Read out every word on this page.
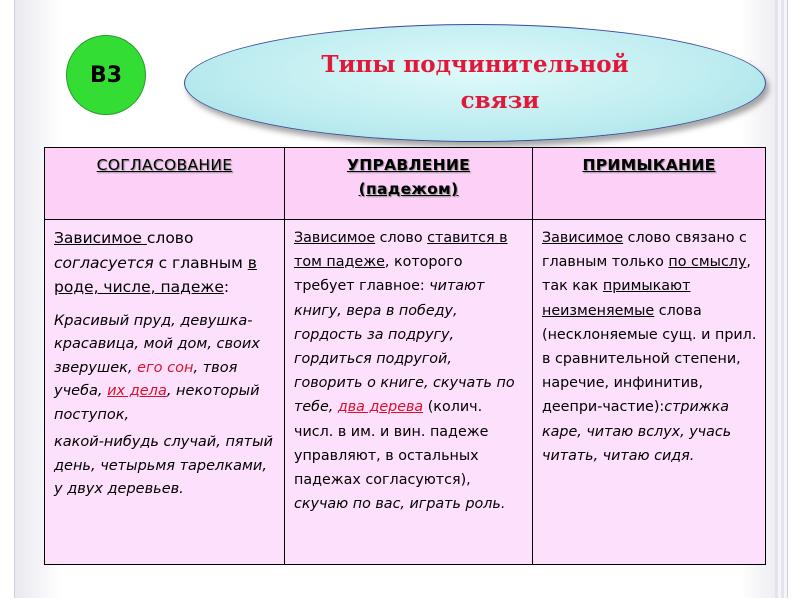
В3	Типы подчинительной
связи
СОГЛАСОВАНИЕ	УПРАВЛЕНИЕ
(падежом)
ПРИМЫКАНИЕ

Зависимое слово согласуется с главным в роде, числе, падеже:

Красивый пруд, девушка-красавица, мой дом, своих зверушек, его сон, твоя учеба, их дела, некоторый поступок,

какой-нибудь случай, пятый день, четырьмя тарелками, у двух деревьев.

Зависимое слово ставится в том падеже, которого требует главное: читают книгу, вера в победу, гордость за подругу, гордиться подругой, говорить о книге, скучать по тебе, два дерева (колич. числ. в им. и вин. падеже управляют, в остальных падежах согласуются), скучаю по вас, играть роль.

Зависимое слово связано с главным только по смыслу, так как примыкают неизменяемые слова (несклоняемые сущ. и прил. в сравнительной степени, наречие, инфинитив, деепри-частие):стрижка каре, читаю вслух, учась читать, читаю сидя.
